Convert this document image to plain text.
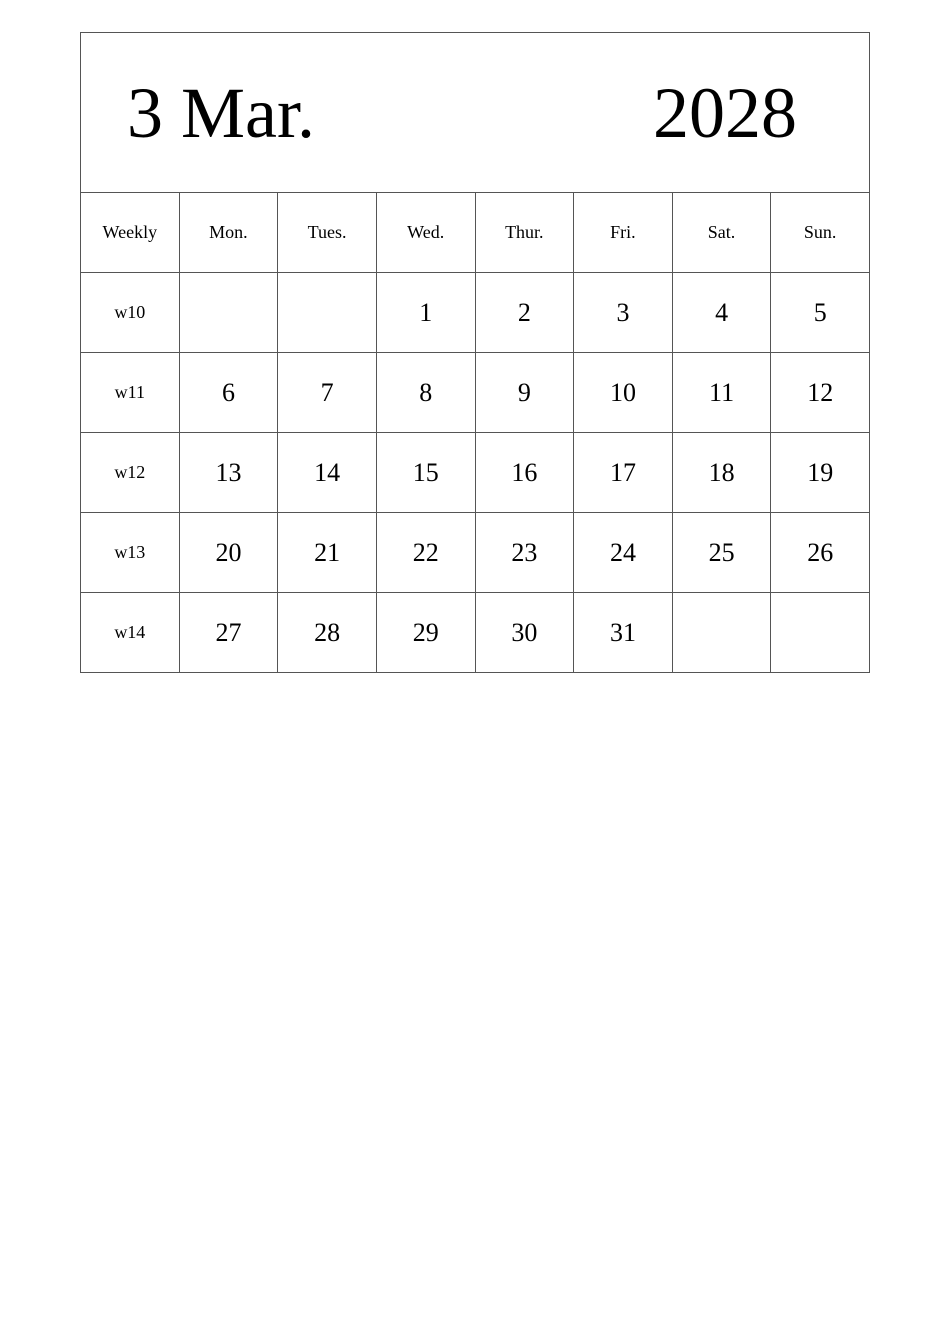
3 Mar. 2028							

Weekly	Mon.	Tues.	Wed.	Thur.	Fri.	Sat.	Sun.
w10			1	2	3	4	5
w11	6	7	8	9	10	11	12
w12	13	14	15	16	17	18	19
w13	20	21	22	23	24	25	26
w14	27	28	29	30	31		
